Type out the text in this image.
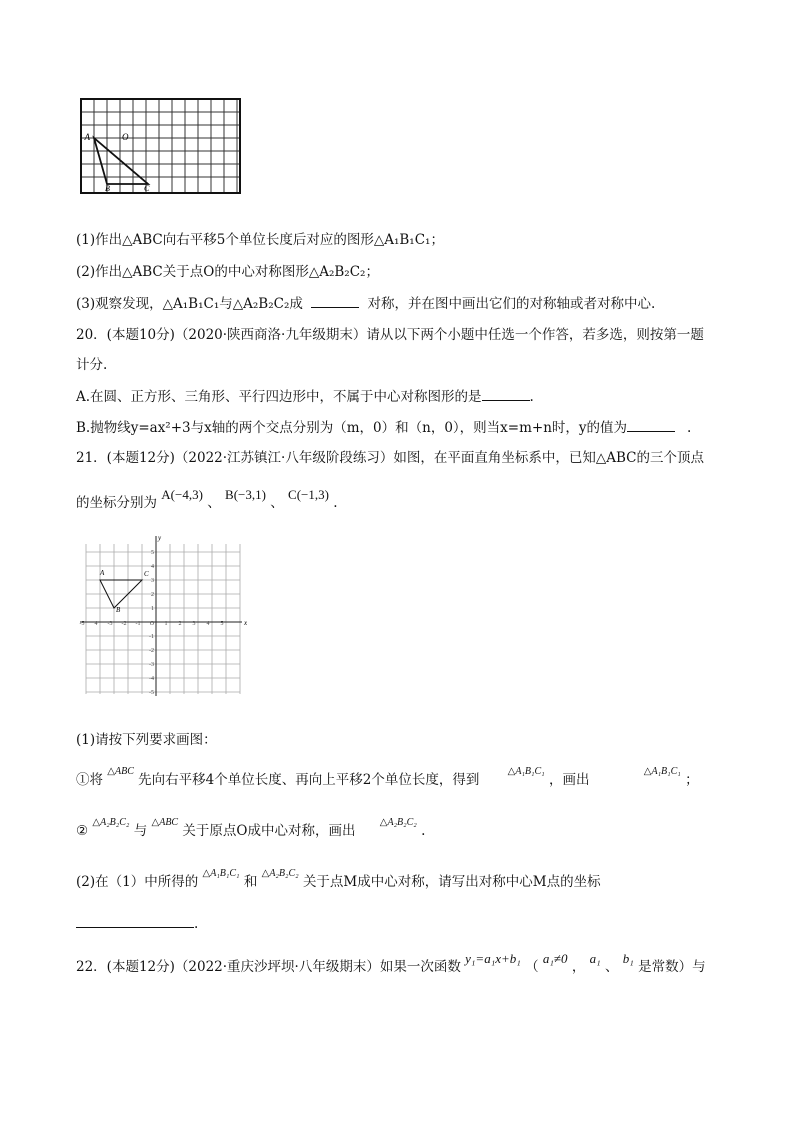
A	O
B	C
(1)作出△ABC向右平移5个单位长度后对应的图形△A₁B₁C₁；
(2)作出△ABC关于点O的中心对称图形△A₂B₂C₂；
(3)观察发现，△A₁B₁C₁与△A₂B₂C₂成	对称，并在图中画出它们的对称轴或者对称中心.
20．(本题10分)（2020·陕西商洛·九年级期末）请从以下两个小题中任选一个作答，若多选，则按第一题
计分.
A.在圆、正方形、三角形、平行四边形中，不属于中心对称图形的是	.
B.抛物线y=ax²+3与x轴的两个交点分别为（m，0）和（n，0），则当x=m+n时，y的值为	.
21．(本题12分)（2022·江苏镇江·八年级阶段练习）如图，在平面直角坐标系中，已知△ABC的三个顶点
的坐标分别为 A(−4,3) 、 B(−3,1) 、 C(−1,3) .
A
B
C
x
y
-5 4 -3 -2 -1 O 1 2 3 4 5
5
4
3
2
1
-1
-2
-3
-4
-5
(1)请按下列要求画图：
①将 $^{\triangle ABC}$ 先向右平移4个单位长度、再向上平移2个单位长度，得到 $^{\triangle A_1B_1C_1}$ ，画出 $^{\triangle A_1B_1C_1}$ ；
② $^{\triangle A_2B_2C_2}$ 与 $^{\triangle ABC}$ 关于原点O成中心对称，画出 $^{\triangle A_2B_2C_2}$ .
(2)在（1）中所得的 $^{\triangle A_1B_1C_1}$ 和 $^{\triangle A_2B_2C_2}$ 关于点M成中心对称，请写出对称中心M点的坐标
.
22．(本题12分)（2022·重庆沙坪坝·八年级期末）如果一次函数 y₁=a₁x+b₁ （ a₁≠0 ， a₁ 、 b₁ 是常数）与
